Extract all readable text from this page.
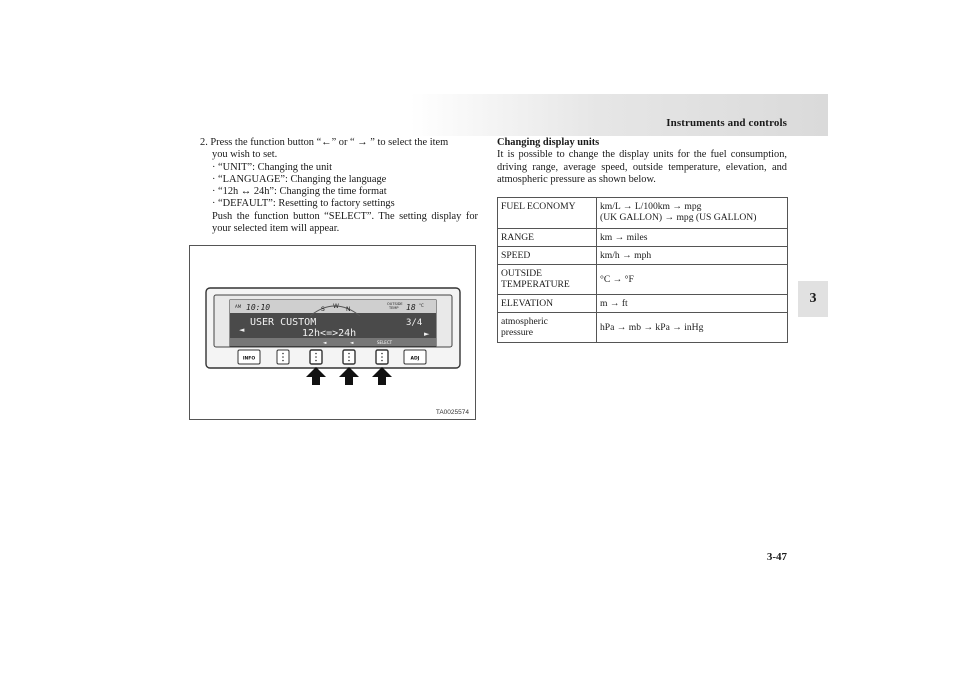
Instruments and controls
3
3-47

2. Press the function button “←” or “ → ” to select the item
you wish to set.

· “UNIT”: Changing the unit

· “LANGUAGE”: Changing the language

· “12h ↔ 24h”: Changing the time format

· “DEFAULT”: Resetting to factory settings

Push the function button “SELECT”. The setting display for your selected item will appear.

AM 10:10	S W N
OUTSIDE
TEMP 18 °C
◄
USER CUSTOM	3/4
12h<=>24h	►
◄	◄	SELECT
INFO	ADJ
TA0025574
Changing display units

It is possible to change the display units for the fuel consumption, driving range, average speed, outside temperature, elevation, and atmospheric pressure as shown below.

FUEL ECONOMY	km/L → L/100km → mpg
(UK GALLON) → mpg (US GALLON)
RANGE	km → miles
SPEED	km/h → mph
OUTSIDE
TEMPERATURE	°C → °F
ELEVATION	m → ft
atmospheric
pressure	hPa → mb → kPa → inHg
